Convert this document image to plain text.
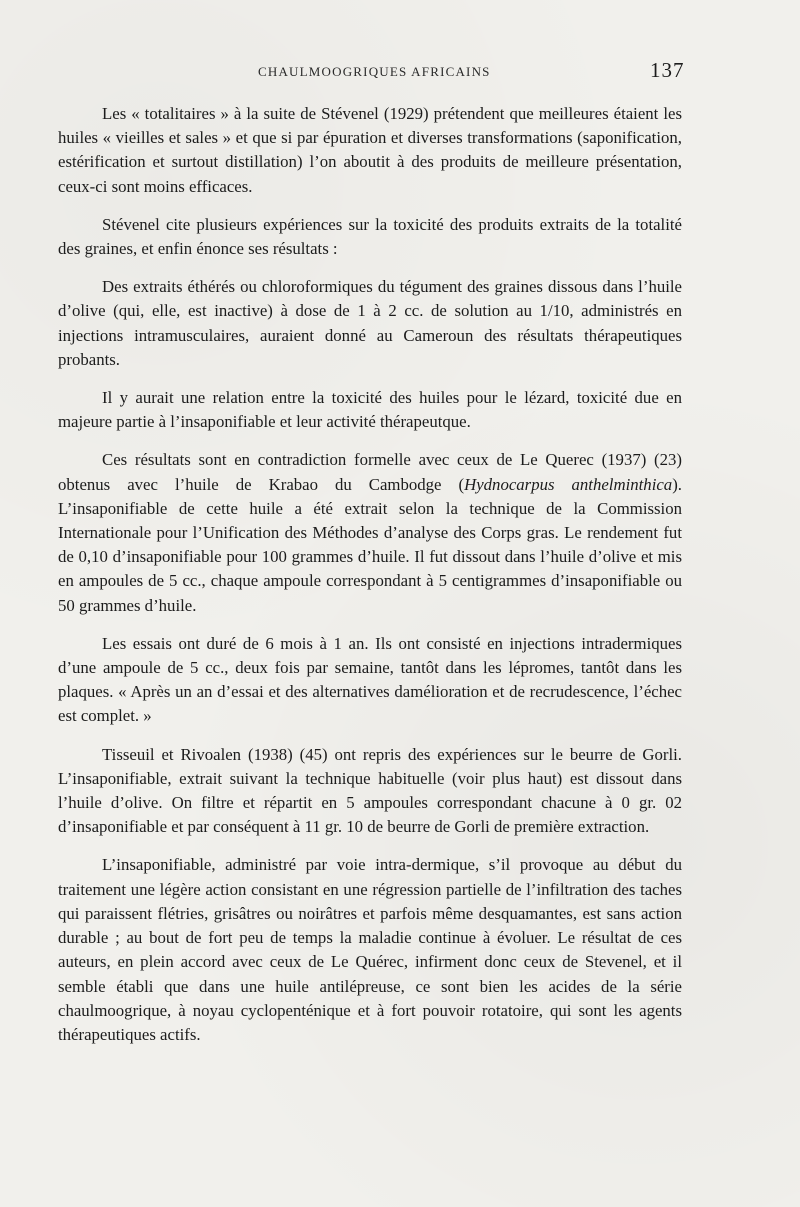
CHAULMOOGRIQUES AFRICAINS	137

Les « totalitaires » à la suite de Stévenel (1929) prétendent que meilleures étaient les huiles « vieilles et sales » et que si par épuration et diverses transformations (saponification, estérification et surtout distillation) l’on aboutit à des produits de meilleure présentation, ceux-ci sont moins efficaces.

Stévenel cite plusieurs expériences sur la toxicité des produits extraits de la totalité des graines, et enfin énonce ses résultats :

Des extraits éthérés ou chloroformiques du tégument des graines dissous dans l’huile d’olive (qui, elle, est inactive) à dose de 1 à 2 cc. de solution au 1/10, administrés en injections intramusculaires, auraient donné au Cameroun des résultats thérapeutiques probants.

Il y aurait une relation entre la toxicité des huiles pour le lézard, toxicité due en majeure partie à l’insaponifiable et leur activité thérapeutque.

Ces résultats sont en contradiction formelle avec ceux de Le Querec (1937) (23) obtenus avec l’huile de Krabao du Cambodge (Hydnocarpus anthelminthica). L’insaponifiable de cette huile a été extrait selon la technique de la Commission Internationale pour l’Unification des Méthodes d’analyse des Corps gras. Le rendement fut de 0,10 d’insaponifiable pour 100 grammes d’huile. Il fut dissout dans l’huile d’olive et mis en ampoules de 5 cc., chaque ampoule correspondant à 5 centigrammes d’insaponifiable ou 50 grammes d’huile.

Les essais ont duré de 6 mois à 1 an. Ils ont consisté en injections intradermiques d’une ampoule de 5 cc., deux fois par semaine, tantôt dans les lépromes, tantôt dans les plaques. « Après un an d’essai et des alternatives damélioration et de recrudescence, l’échec est complet. »

Tisseuil et Rivoalen (1938) (45) ont repris des expériences sur le beurre de Gorli. L’insaponifiable, extrait suivant la technique habituelle (voir plus haut) est dissout dans l’huile d’olive. On filtre et répartit en 5 ampoules correspondant chacune à 0 gr. 02 d’insaponifiable et par conséquent à 11 gr. 10 de beurre de Gorli de première extraction.

L’insaponifiable, administré par voie intra-dermique, s’il provoque au début du traitement une légère action consistant en une régression partielle de l’infiltration des taches qui paraissent flétries, grisâtres ou noirâtres et parfois même desquamantes, est sans action durable ; au bout de fort peu de temps la maladie continue à évoluer. Le résultat de ces auteurs, en plein accord avec ceux de Le Quérec, infirment donc ceux de Stevenel, et il semble établi que dans une huile antilépreuse, ce sont bien les acides de la série chaulmoogrique, à noyau cyclopenténique et à fort pouvoir rotatoire, qui sont les agents thérapeutiques actifs.
